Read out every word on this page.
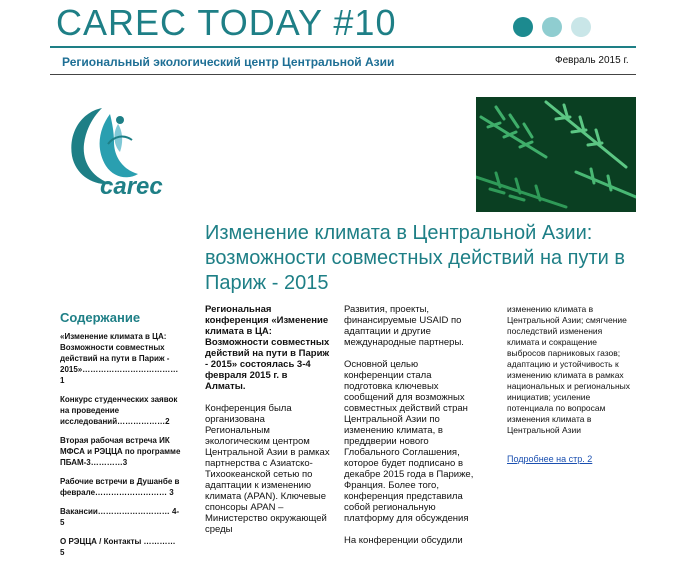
CAREC TODAY #10
Региональный экологический центр Центральной Азии	Февраль 2015 г.
carec
Изменение климата в Центральной Азии: возможности совместных действий на пути в Париж - 2015
Содержание
«Изменение климата в ЦА: Возможности совместных действий на пути в Париж - 2015»……………………………… 1
Конкурс студенческих заявок на проведение исследований………………2
Вторая рабочая встреча ИК МФСА и РЭЦЦА по программе ПБАМ-3…………3
Рабочие встречи в Душанбе в феврале……………………… 3
Вакансии……………………… 4-5
О РЭЦЦА / Контакты ………… 5

Региональная конференция «Изменение климата в ЦА: Возможности совместных действий на пути в Париж - 2015» состоялась 3-4 февраля 2015 г. в Алматы.

Конференция была организована Региональным экологическим центром Центральной Азии в рамках партнерства с Азиатско-Тихоокеанской сетью по адаптации к изменению климата (APAN). Ключевые спонсоры APAN – Министерство окружающей среды

Развития, проекты, финансируемые USAID по адаптации и другие международные партнеры.

Основной целью конференции стала подготовка ключевых сообщений для возможных совместных действий стран Центральной Азии по изменению климата, в преддверии нового Глобального Соглашения, которое будет подписано в декабре 2015 года в Париже, Франция. Более того, конференция представила собой региональную платформу для обсуждения

На конференции обсудили

изменению климата в Центральной Азии; смягчение последствий изменения климата и сокращение выбросов парниковых газов; адаптацию и устойчивость к изменению климата в рамках национальных и региональных инициатив; усиление потенциала по вопросам изменения климата в Центральной Азии
Подробнее на стр. 2
